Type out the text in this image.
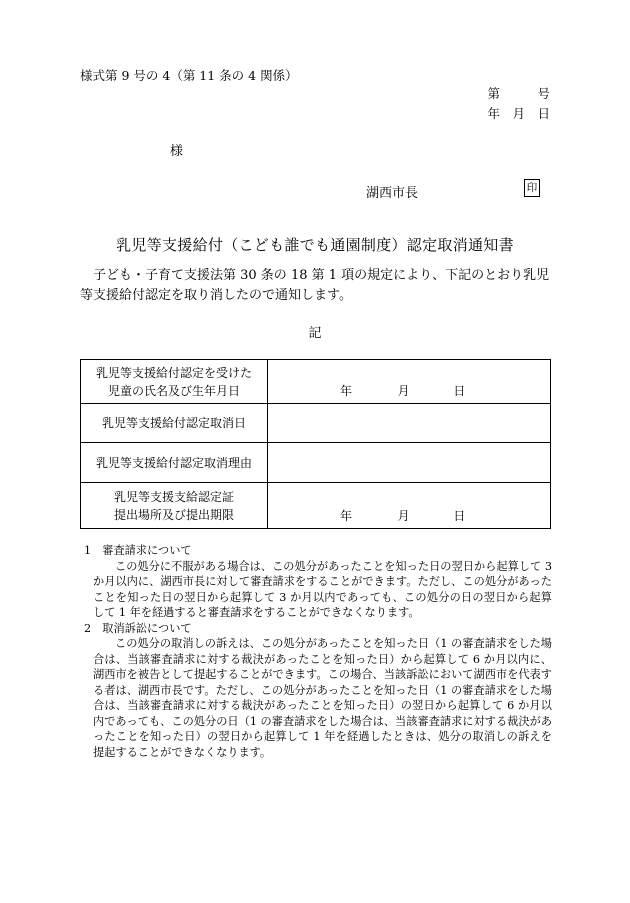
様式第 9 号の 4（第 11 条の 4 関係）
第　　　号
年　月　日
様
湖西市長	印
乳児等支援給付（こども誰でも通園制度）認定取消通知書
子ども・子育て支援法第 30 条の 18 第 1 項の規定により、下記のとおり乳児等支援給付認定を取り消したので通知します。
記
乳児等支援給付認定を受けた
児童の氏名及び生年月日	年 月 日

乳児等支援給付認定取消日	

乳児等支援給付認定取消理由	

乳児等支援支給認定証
提出場所及び提出期限	年 月 日
1　審査請求について
この処分に不服がある場合は、この処分があったことを知った日の翌日から起算して 3 か月以内に、湖西市長に対して審査請求をすることができます。ただし、この処分があったことを知った日の翌日から起算して 3 か月以内であっても、この処分の日の翌日から起算して 1 年を経過すると審査請求をすることができなくなります。
2　取消訴訟について
この処分の取消しの訴えは、この処分があったことを知った日（1 の審査請求をした場合は、当該審査請求に対する裁決があったことを知った日）から起算して 6 か月以内に、湖西市を被告として提起することができます。この場合、当該訴訟において湖西市を代表する者は、湖西市長です。ただし、この処分があったことを知った日（1 の審査請求をした場合は、当該審査請求に対する裁決があったことを知った日）の翌日から起算して 6 か月以内であっても、この処分の日（1 の審査請求をした場合は、当該審査請求に対する裁決があったことを知った日）の翌日から起算して 1 年を経過したときは、処分の取消しの訴えを提起することができなくなります。
